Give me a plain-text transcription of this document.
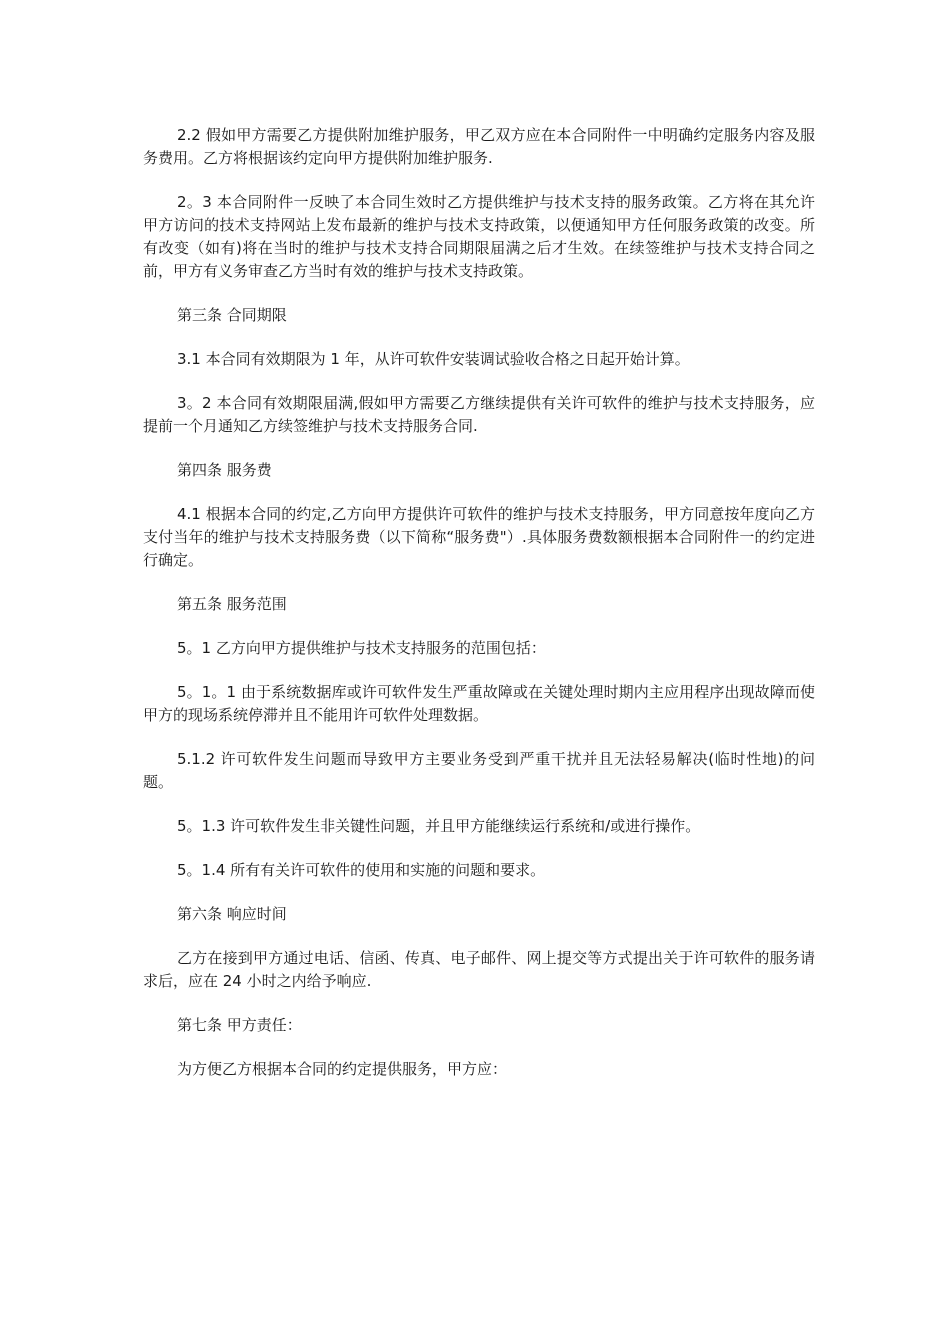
2.2 假如甲方需要乙方提供附加维护服务，甲乙双方应在本合同附件一中明确约定服务内容及服务费用。乙方将根据该约定向甲方提供附加维护服务.

2。3 本合同附件一反映了本合同生效时乙方提供维护与技术支持的服务政策。乙方将在其允许甲方访问的技术支持网站上发布最新的维护与技术支持政策，以便通知甲方任何服务政策的改变。所有改变（如有)将在当时的维护与技术支持合同期限届满之后才生效。在续签维护与技术支持合同之前，甲方有义务审查乙方当时有效的维护与技术支持政策。

第三条 合同期限

3.1 本合同有效期限为 1 年，从许可软件安装调试验收合格之日起开始计算。

3。2 本合同有效期限届满,假如甲方需要乙方继续提供有关许可软件的维护与技术支持服务，应提前一个月通知乙方续签维护与技术支持服务合同.

第四条 服务费

4.1 根据本合同的约定,乙方向甲方提供许可软件的维护与技术支持服务，甲方同意按年度向乙方支付当年的维护与技术支持服务费（以下简称“服务费"）.具体服务费数额根据本合同附件一的约定进行确定。

第五条 服务范围

5。1 乙方向甲方提供维护与技术支持服务的范围包括：

5。1。1 由于系统数据库或许可软件发生严重故障或在关键处理时期内主应用程序出现故障而使甲方的现场系统停滞并且不能用许可软件处理数据。

5.1.2 许可软件发生问题而导致甲方主要业务受到严重干扰并且无法轻易解决(临时性地)的问题。

5。1.3 许可软件发生非关键性问题，并且甲方能继续运行系统和/或进行操作。

5。1.4 所有有关许可软件的使用和实施的问题和要求。

第六条 响应时间

乙方在接到甲方通过电话、信函、传真、电子邮件、网上提交等方式提出关于许可软件的服务请求后，应在 24 小时之内给予响应.

第七条 甲方责任：

为方便乙方根据本合同的约定提供服务，甲方应：
